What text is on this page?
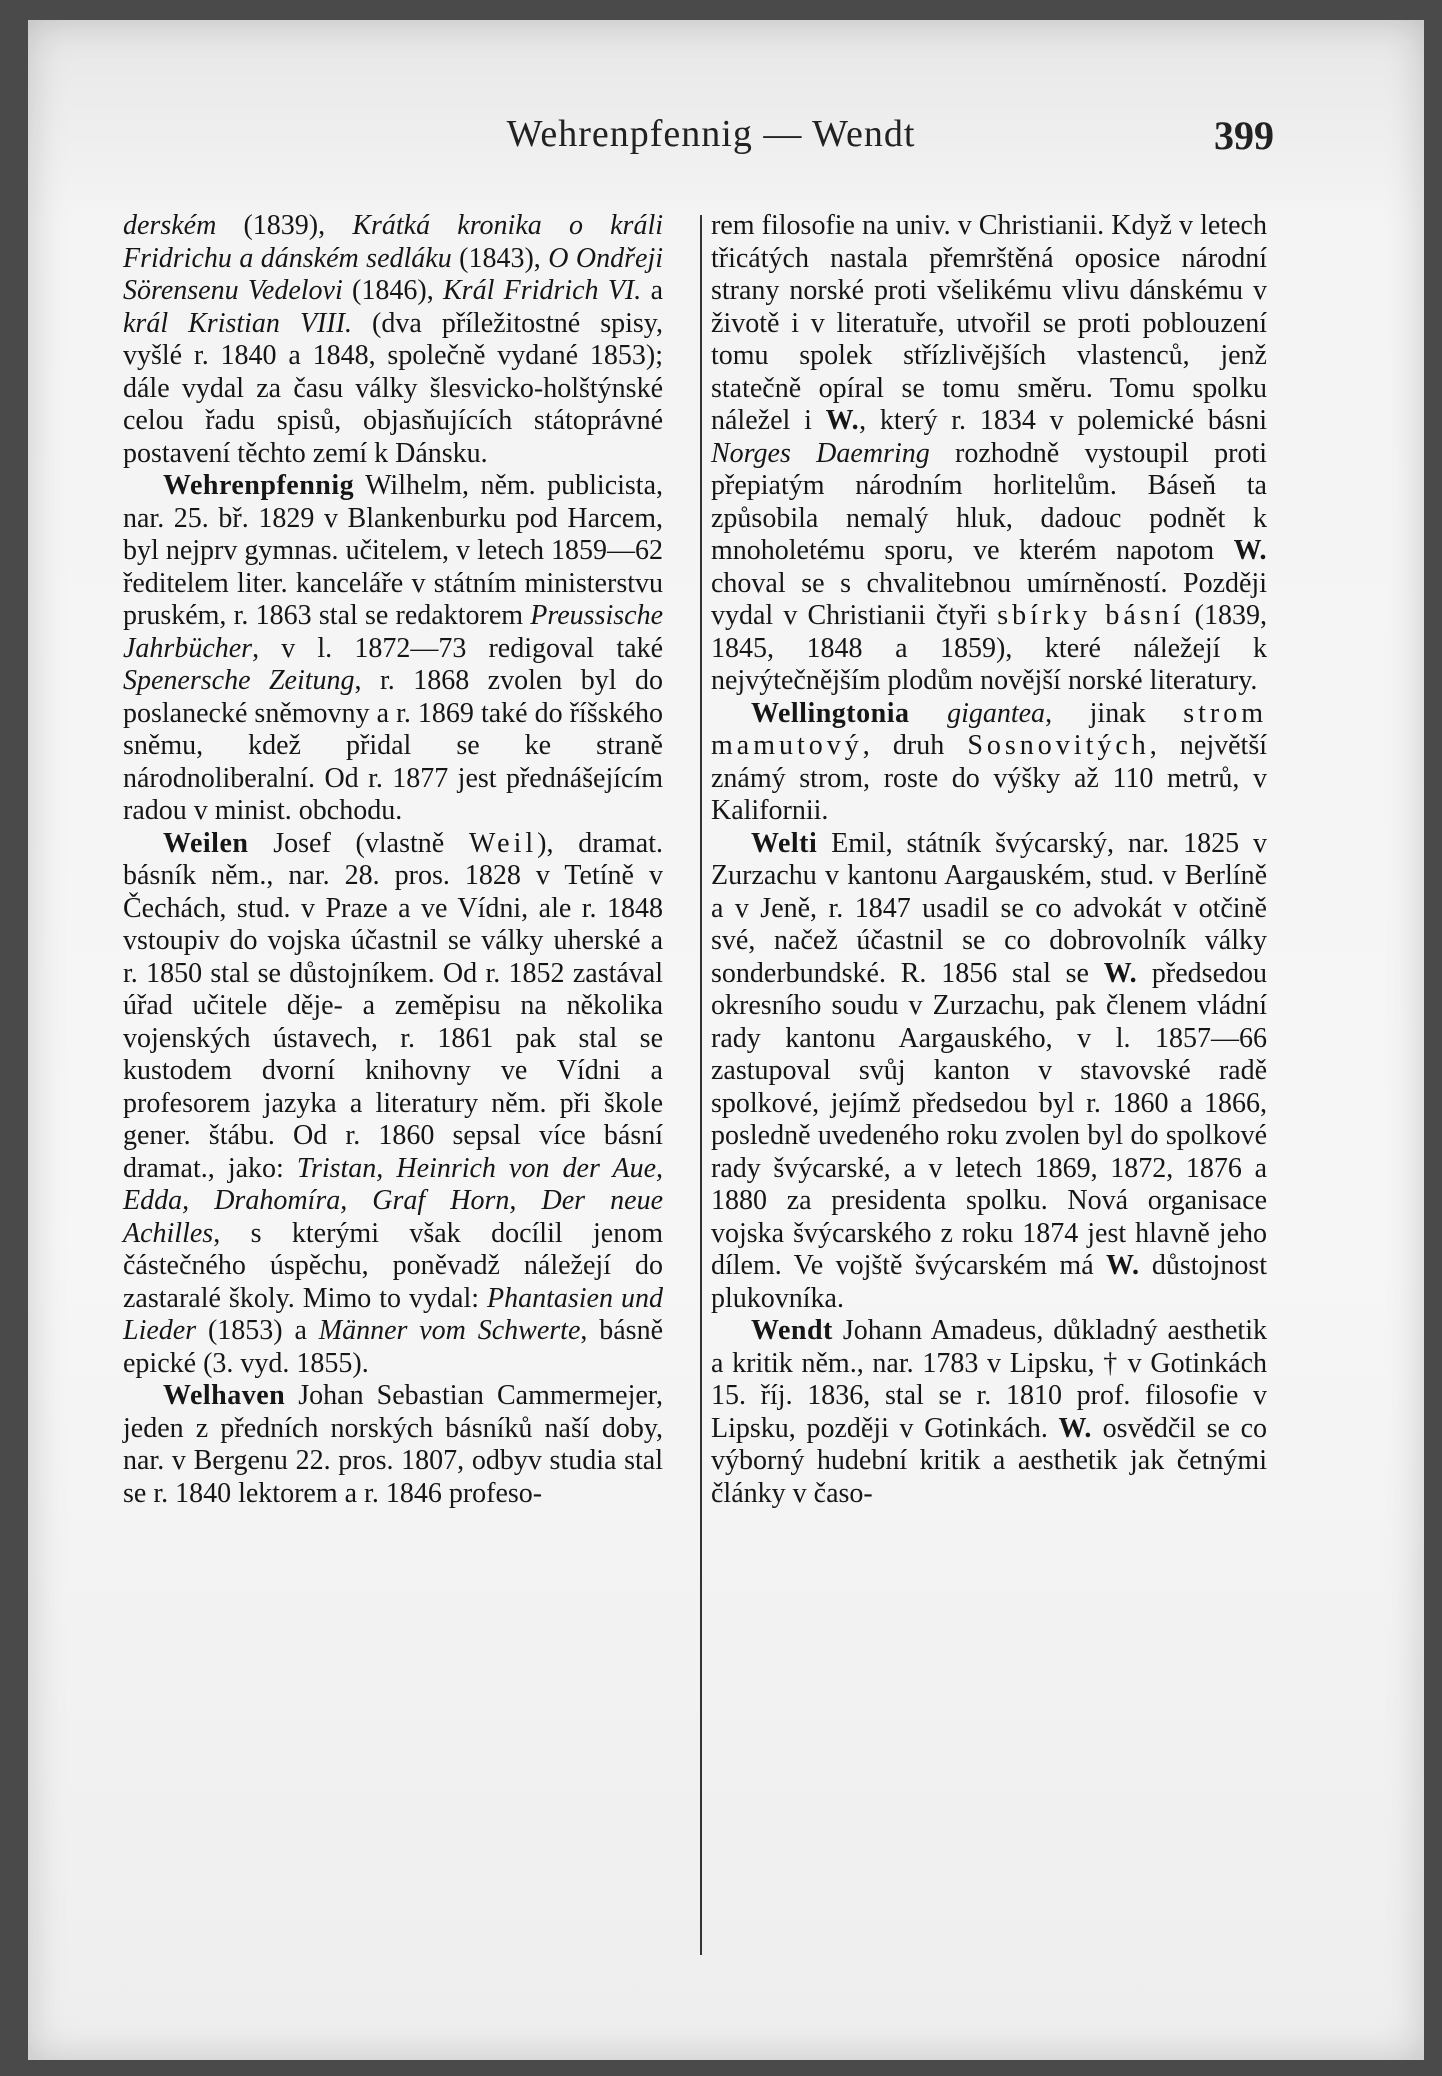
Wehrenpfennig — Wendt	399

derském (1839), Krátká kronika o králi Fridrichu a dánském sedláku (1843), O Ondřeji Sörensenu Vedelovi (1846), Král Fridrich VI. a král Kristian VIII. (dva příležitostné spisy, vyšlé r. 1840 a 1848, společně vydané 1853); dále vydal za času války šlesvicko-holštýnské celou řadu spisů, objasňujících státoprávné postavení těchto zemí k Dánsku.

Wehrenpfennig Wilhelm, něm. publicista, nar. 25. bř. 1829 v Blankenburku pod Harcem, byl nejprv gymnas. učitelem, v letech 1859—62 ředitelem liter. kanceláře v státním ministerstvu pruském, r. 1863 stal se redaktorem Preussische Jahrbücher, v l. 1872—73 redigoval také Spenersche Zeitung, r. 1868 zvolen byl do poslanecké sněmovny a r. 1869 také do říšského sněmu, kdež přidal se ke straně národnoliberalní. Od r. 1877 jest přednášejícím radou v minist. obchodu.

Weilen Josef (vlastně Weil), dramat. básník něm., nar. 28. pros. 1828 v Tetíně v Čechách, stud. v Praze a ve Vídni, ale r. 1848 vstoupiv do vojska účastnil se války uherské a r. 1850 stal se důstojníkem. Od r. 1852 zastával úřad učitele děje- a zeměpisu na několika vojenských ústavech, r. 1861 pak stal se kustodem dvorní knihovny ve Vídni a profesorem jazyka a literatury něm. při škole gener. štábu. Od r. 1860 sepsal více básní dramat., jako: Tristan, Heinrich von der Aue, Edda, Drahomíra, Graf Horn, Der neue Achilles, s kterými však docílil jenom částečného úspěchu, poněvadž náležejí do zastaralé školy. Mimo to vydal: Phantasien und Lieder (1853) a Männer vom Schwerte, básně epické (3. vyd. 1855).

Welhaven Johan Sebastian Cammermejer, jeden z předních norských básníků naší doby, nar. v Bergenu 22. pros. 1807, odbyv studia stal se r. 1840 lektorem a r. 1846 profeso-

rem filosofie na univ. v Christianii. Když v letech třicátých nastala přemrštěná oposice národní strany norské proti všelikému vlivu dánskému v životě i v literatuře, utvořil se proti poblouzení tomu spolek střízlivějších vlastenců, jenž statečně opíral se tomu směru. Tomu spolku náležel i W., který r. 1834 v polemické básni Norges Daemring rozhodně vystoupil proti přepiatým národním horlitelům. Báseň ta způsobila nemalý hluk, dadouc podnět k mnoholetému sporu, ve kterém napotom W. choval se s chvalitebnou umírněností. Později vydal v Christianii čtyři sbírky básní (1839, 1845, 1848 a 1859), které náležejí k nejvýtečnějším plodům novější norské literatury.

Wellingtonia gigantea, jinak strom mamutový, druh Sosnovitých, největší známý strom, roste do výšky až 110 metrů, v Kalifornii.

Welti Emil, státník švýcarský, nar. 1825 v Zurzachu v kantonu Aargauském, stud. v Berlíně a v Jeně, r. 1847 usadil se co advokát v otčině své, načež účastnil se co dobrovolník války sonderbundské. R. 1856 stal se W. předsedou okresního soudu v Zurzachu, pak členem vládní rady kantonu Aargauského, v l. 1857—66 zastupoval svůj kanton v stavovské radě spolkové, jejímž předsedou byl r. 1860 a 1866, posledně uvedeného roku zvolen byl do spolkové rady švýcarské, a v letech 1869, 1872, 1876 a 1880 za presidenta spolku. Nová organisace vojska švýcarského z roku 1874 jest hlavně jeho dílem. Ve vojště švýcarském má W. důstojnost plukovníka.

Wendt Johann Amadeus, důkladný aesthetik a kritik něm., nar. 1783 v Lipsku, † v Gotinkách 15. říj. 1836, stal se r. 1810 prof. filosofie v Lipsku, později v Gotinkách. W. osvědčil se co výborný hudební kritik a aesthetik jak četnými články v časo-
